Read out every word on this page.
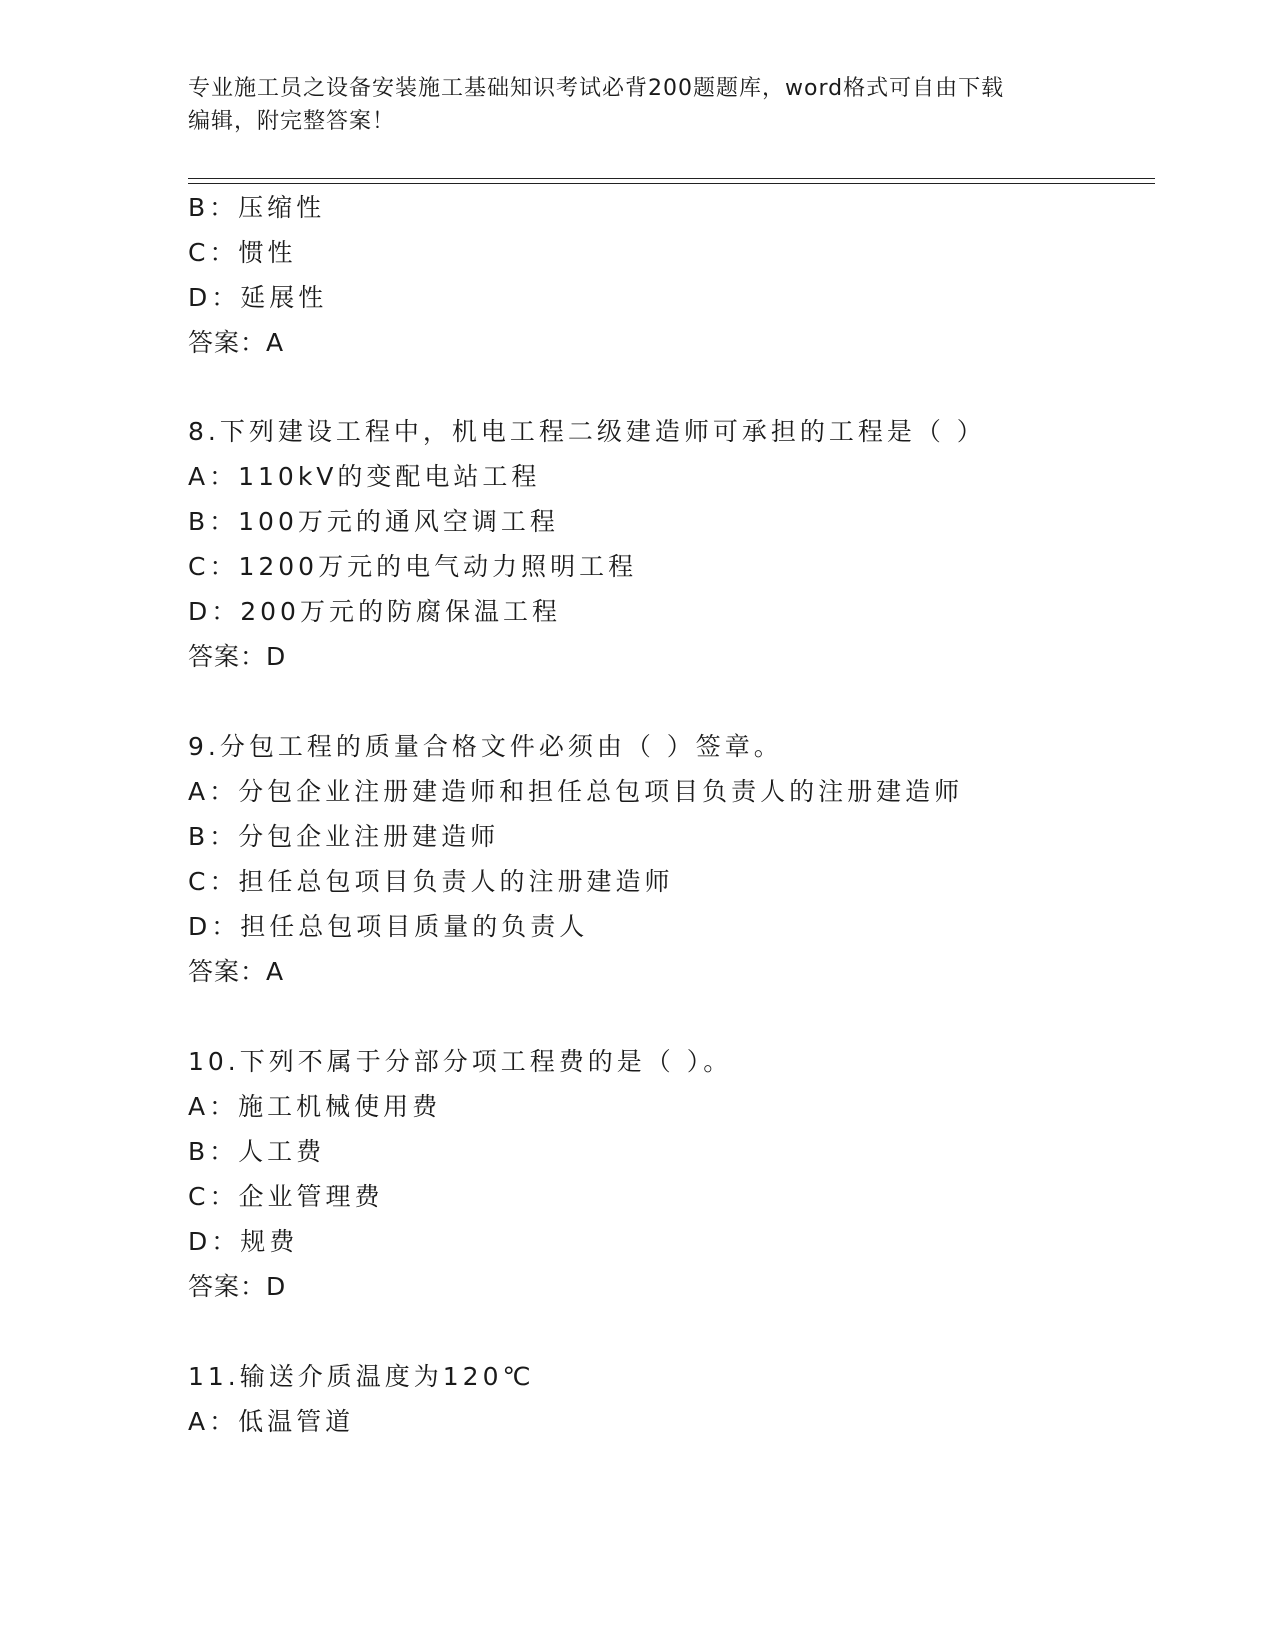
专业施工员之设备安装施工基础知识考试必背200题题库，word格式可自由下载
编辑，附完整答案！
B：压缩性
C：惯性
D：延展性
答案：A
8.下列建设工程中，机电工程二级建造师可承担的工程是（ ）
A：110kV的变配电站工程
B：100万元的通风空调工程
C：1200万元的电气动力照明工程
D：200万元的防腐保温工程
答案：D
9.分包工程的质量合格文件必须由（ ）签章。
A：分包企业注册建造师和担任总包项目负责人的注册建造师
B：分包企业注册建造师
C：担任总包项目负责人的注册建造师
D：担任总包项目质量的负责人
答案：A
10.下列不属于分部分项工程费的是（ ）。
A：施工机械使用费
B：人工费
C：企业管理费
D：规费
答案：D
11.输送介质温度为120℃
A：低温管道
